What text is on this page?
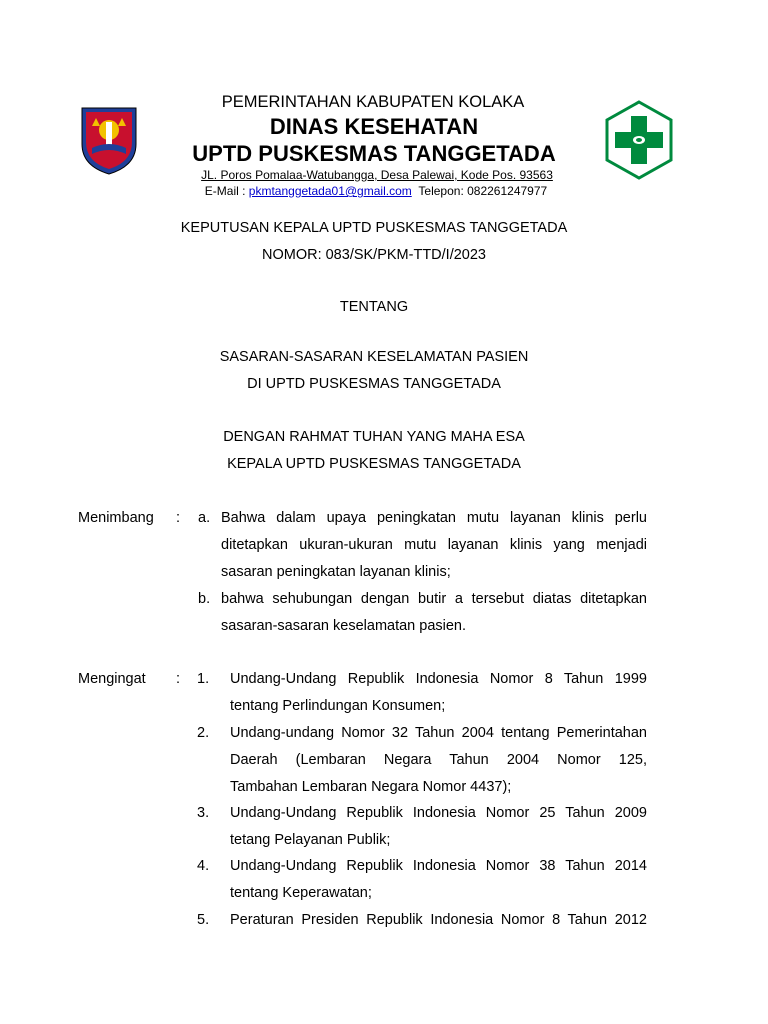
PEMERINTAHAN KABUPATEN KOLAKA
DINAS KESEHATAN
UPTD PUSKESMAS TANGGETADA
JL. Poros Pomalaa-Watubangga, Desa Palewai, Kode Pos. 93563
E-Mail : pkmtanggetada01@gmail.com Telepon: 082261247977
KEPUTUSAN KEPALA UPTD PUSKESMAS TANGGETADA
NOMOR: 083/SK/PKM-TTD/I/2023
TENTANG
SASARAN-SASARAN KESELAMATAN PASIEN
DI UPTD PUSKESMAS TANGGETADA
DENGAN RAHMAT TUHAN YANG MAHA ESA
KEPALA UPTD PUSKESMAS TANGGETADA
Menimbang : a. Bahwa dalam upaya peningkatan mutu layanan klinis perlu
ditetapkan ukuran-ukuran mutu layanan klinis yang menjadi
sasaran peningkatan layanan klinis;
b. bahwa sehubungan dengan butir a tersebut diatas ditetapkan
sasaran-sasaran keselamatan pasien.
Mengingat : 1. Undang-Undang Republik Indonesia Nomor 8 Tahun 1999
tentang Perlindungan Konsumen;
2. Undang-undang Nomor 32 Tahun 2004 tentang Pemerintahan
Daerah (Lembaran Negara Tahun 2004 Nomor 125,
Tambahan Lembaran Negara Nomor 4437);
3. Undang-Undang Republik Indonesia Nomor 25 Tahun 2009
tetang Pelayanan Publik;
4. Undang-Undang Republik Indonesia Nomor 38 Tahun 2014
tentang Keperawatan;
5. Peraturan Presiden Republik Indonesia Nomor 8 Tahun 2012
